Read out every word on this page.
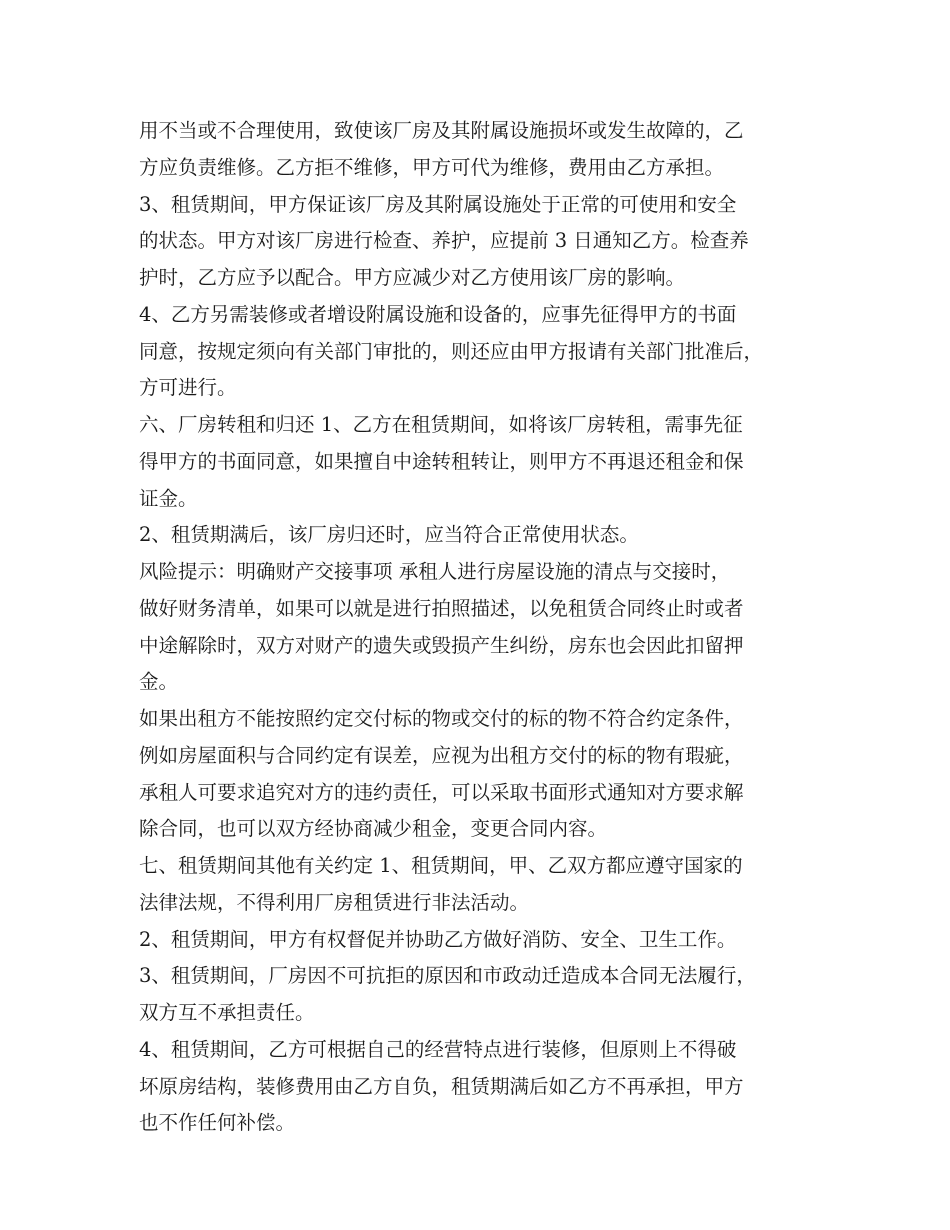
用不当或不合理使用，致使该厂房及其附属设施损坏或发生故障的，乙
方应负责维修。乙方拒不维修，甲方可代为维修，费用由乙方承担。
3、租赁期间，甲方保证该厂房及其附属设施处于正常的可使用和安全
的状态。甲方对该厂房进行检查、养护，应提前 3 日通知乙方。检查养
护时，乙方应予以配合。甲方应减少对乙方使用该厂房的影响。
4、乙方另需装修或者增设附属设施和设备的，应事先征得甲方的书面
同意，按规定须向有关部门审批的，则还应由甲方报请有关部门批准后，
方可进行。
六、厂房转租和归还 1、乙方在租赁期间，如将该厂房转租，需事先征
得甲方的书面同意，如果擅自中途转租转让，则甲方不再退还租金和保
证金。
2、租赁期满后，该厂房归还时，应当符合正常使用状态。
风险提示：明确财产交接事项 承租人进行房屋设施的清点与交接时，
做好财务清单，如果可以就是进行拍照描述，以免租赁合同终止时或者
中途解除时，双方对财产的遗失或毁损产生纠纷，房东也会因此扣留押
金。
如果出租方不能按照约定交付标的物或交付的标的物不符合约定条件，
例如房屋面积与合同约定有误差，应视为出租方交付的标的物有瑕疵，
承租人可要求追究对方的违约责任，可以采取书面形式通知对方要求解
除合同，也可以双方经协商减少租金，变更合同内容。
七、租赁期间其他有关约定 1、租赁期间，甲、乙双方都应遵守国家的
法律法规，不得利用厂房租赁进行非法活动。
2、租赁期间，甲方有权督促并协助乙方做好消防、安全、卫生工作。
3、租赁期间，厂房因不可抗拒的原因和市政动迁造成本合同无法履行，
双方互不承担责任。
4、租赁期间，乙方可根据自己的经营特点进行装修，但原则上不得破
坏原房结构，装修费用由乙方自负，租赁期满后如乙方不再承担，甲方
也不作任何补偿。
